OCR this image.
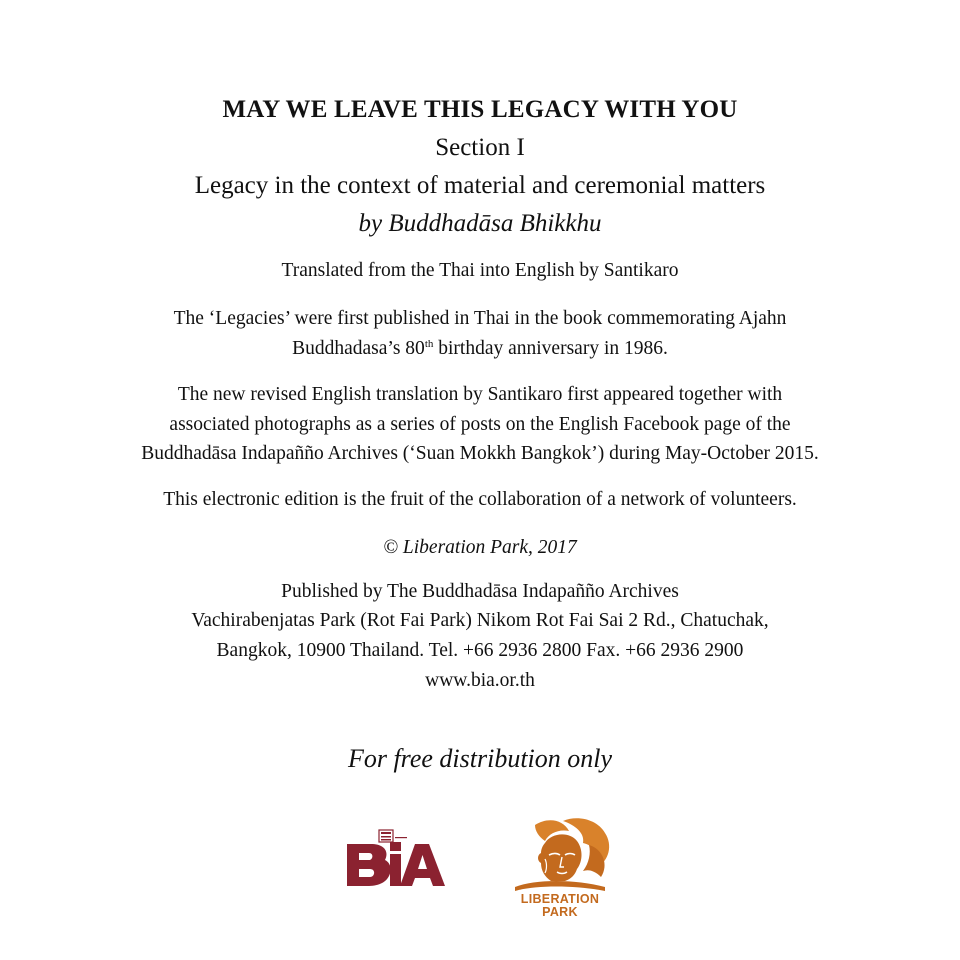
MAY WE LEAVE THIS LEGACY WITH YOU
Section I
Legacy in the context of material and ceremonial matters
by Buddhadāsa Bhikkhu
Translated from the Thai into English by Santikaro
The ‘Legacies’ were first published in Thai in the book commemorating Ajahn
Buddhadasa’s 80th birthday anniversary in 1986.
The new revised English translation by Santikaro first appeared together with
associated photographs as a series of posts on the English Facebook page of the
Buddhadāsa Indapañño Archives (‘Suan Mokkh Bangkok’) during May-October 2015.
This electronic edition is the fruit of the collaboration of a network of volunteers.
© Liberation Park, 2017
Published by The Buddhadāsa Indapañño Archives
Vachirabenjatas Park (Rot Fai Park) Nikom Rot Fai Sai 2 Rd., Chatuchak,
Bangkok, 10900 Thailand. Tel. +66 2936 2800 Fax. +66 2936 2900
www.bia.or.th
For free distribution only
LIBERATION
PARK
